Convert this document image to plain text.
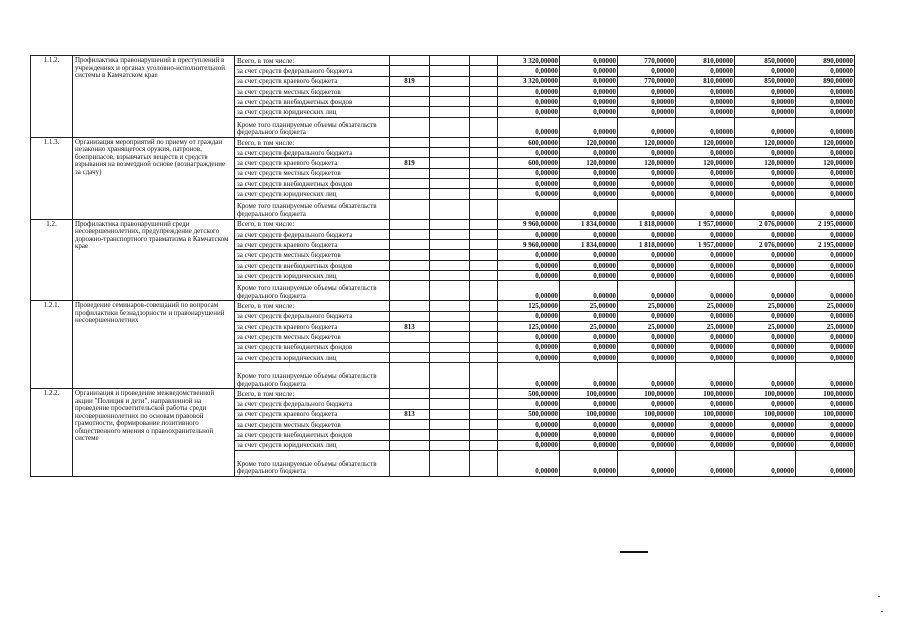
1.1.2.	Профилактика правонарушений в преступлений в учреждениях и органах уголовно-исполнительной системы в Камчатском крае	Всего, в том числе:				3 320,00000	0,00000	770,00000	810,00000	850,00000	890,00000
		за счет средств федерального бюджета				0,00000	0,00000	0,00000	0,00000	0,00000	0,00000
		за счет средств краевого бюджета	819			3 320,00000	0,00000	770,00000	810,00000	850,00000	890,00000
		за счет средств местных бюджетов				0,00000	0,00000	0,00000	0,00000	0,00000	0,00000
		за счет средств внебюджетных фондов				0,00000	0,00000	0,00000	0,00000	0,00000	0,00000
		за счет средств юридических лиц				0,00000	0,00000	0,00000	0,00000	0,00000	0,00000
		Кроме того планируемые объемы обязательств федерального бюджета				0,00000	0,00000	0,00000	0,00000	0,00000	0,00000
1.1.3.	Организация мероприятий по приему от граждан незаконно хранящегося оружия, патронов, боеприпасов, взрывчатых веществ и средств взрывания на возмездной основе (вознаграждение за сдачу)	Всего, в том числе:				600,00000	120,00000	120,00000	120,00000	120,00000	120,00000
		за счет средств федерального бюджета				0,00000	0,00000	0,00000	0,00000	0,00000	0,00000
		за счет средств краевого бюджета	819			600,00000	120,00000	120,00000	120,00000	120,00000	120,00000
		за счет средств местных бюджетов				0,00000	0,00000	0,00000	0,00000	0,00000	0,00000
		за счет средств внебюджетных фондов				0,00000	0,00000	0,00000	0,00000	0,00000	0,00000
		за счет средств юридических лиц				0,00000	0,00000	0,00000	0,00000	0,00000	0,00000
		Кроме того планируемые объемы обязательств федерального бюджета				0,00000	0,00000	0,00000	0,00000	0,00000	0,00000
1.2.	Профилактика правонарушений среди несовершеннолетних, предупреждение детского дорожно-транспортного травматизма в Камчатском крае	Всего, в том числе:				9 960,00000	1 834,00000	1 818,00000	1 957,00000	2 076,00000	2 195,00000
		за счет средств федерального бюджета				0,00000	0,00000	0,00000	0,00000	0,00000	0,00000
		за счет средств краевого бюджета				9 960,00000	1 834,00000	1 818,00000	1 957,00000	2 076,00000	2 195,00000
		за счет средств местных бюджетов				0,00000	0,00000	0,00000	0,00000	0,00000	0,00000
		за счет средств внебюджетных фондов				0,00000	0,00000	0,00000	0,00000	0,00000	0,00000
		за счет средств юридических лиц				0,00000	0,00000	0,00000	0,00000	0,00000	0,00000
		Кроме того планируемые объемы обязательств федерального бюджета				0,00000	0,00000	0,00000	0,00000	0,00000	0,00000
1.2.1.	Проведение семинаров-совещаний по вопросам профилактики безнадзорности и правонарушений несовершеннолетних	Всего, в том числе:				125,00000	25,00000	25,00000	25,00000	25,00000	25,00000
		за счет средств федерального бюджета				0,00000	0,00000	0,00000	0,00000	0,00000	0,00000
		за счет средств краевого бюджета	813			125,00000	25,00000	25,00000	25,00000	25,00000	25,00000
		за счет средств местных бюджетов				0,00000	0,00000	0,00000	0,00000	0,00000	0,00000
		за счет средств внебюджетных фондов				0,00000	0,00000	0,00000	0,00000	0,00000	0,00000
		за счет средств юридических лиц				0,00000	0,00000	0,00000	0,00000	0,00000	0,00000
		Кроме того планируемые объемы обязательств федерального бюджета				0,00000	0,00000	0,00000	0,00000	0,00000	0,00000
1.2.2.	Организация и проведение межведомственной акции "Полиция и дети", направленной на проведение просветительской работы среди несовершеннолетних по основам правовой грамотности, формирование позитивного общественного мнения о правоохранительной системе	Всего, в том числе:				500,00000	100,00000	100,00000	100,00000	100,00000	100,00000
		за счет средств федерального бюджета				0,00000	0,00000	0,00000	0,00000	0,00000	0,00000
		за счет средств краевого бюджета	813			500,00000	100,00000	100,00000	100,00000	100,00000	100,00000
		за счет средств местных бюджетов				0,00000	0,00000	0,00000	0,00000	0,00000	0,00000
		за счет средств внебюджетных фондов				0,00000	0,00000	0,00000	0,00000	0,00000	0,00000
		за счет средств юридических лиц				0,00000	0,00000	0,00000	0,00000	0,00000	0,00000
		Кроме того планируемые объемы обязательств федерального бюджета				0,00000	0,00000	0,00000	0,00000	0,00000	0,00000
